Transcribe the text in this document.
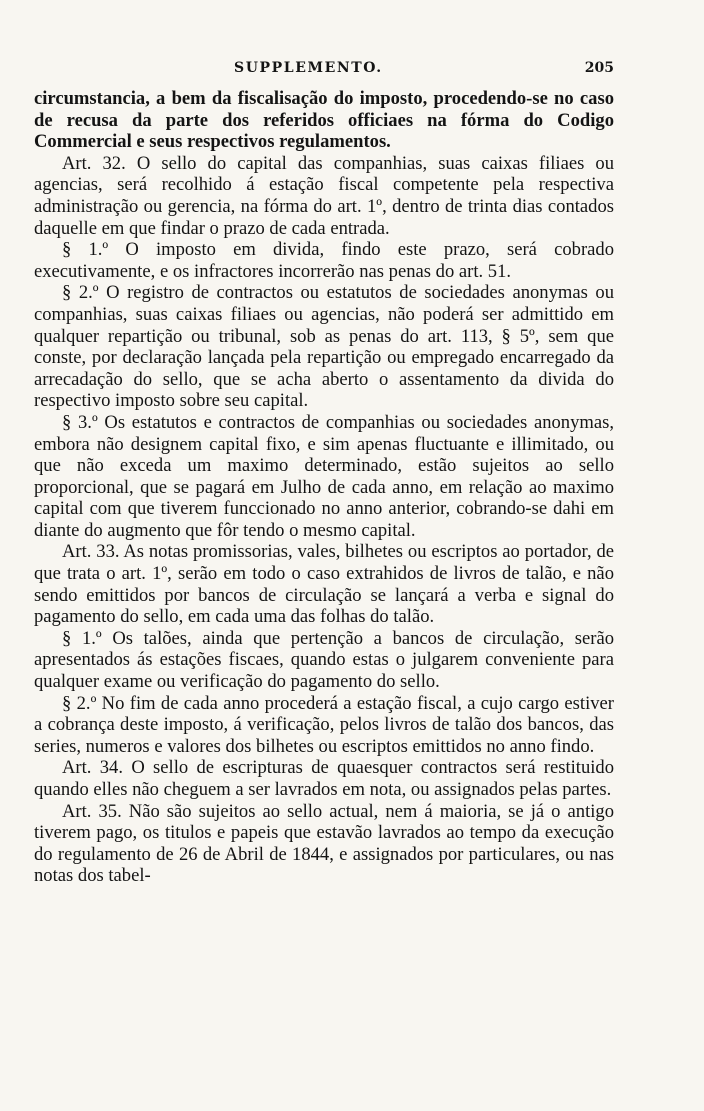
SUPPLEMENTO.	205

circumstancia, a bem da fiscalisação do imposto, procedendo-se no caso de recusa da parte dos referidos officiaes na fórma do Codigo Commercial e seus respectivos regulamentos.

Art. 32. O sello do capital das companhias, suas caixas filiaes ou agencias, será recolhido á estação fiscal competente pela respectiva administração ou gerencia, na fórma do art. 1º, dentro de trinta dias contados daquelle em que findar o prazo de cada entrada.

§ 1.º O imposto em divida, findo este prazo, será cobrado executivamente, e os infractores incorrerão nas penas do art. 51.

§ 2.º O registro de contractos ou estatutos de sociedades anonymas ou companhias, suas caixas filiaes ou agencias, não poderá ser admittido em qualquer repartição ou tribunal, sob as penas do art. 113, § 5º, sem que conste, por declaração lançada pela repartição ou empregado encarregado da arrecadação do sello, que se acha aberto o assentamento da divida do respectivo imposto sobre seu capital.

§ 3.º Os estatutos e contractos de companhias ou sociedades anonymas, embora não designem capital fixo, e sim apenas fluctuante e illimitado, ou que não exceda um maximo determinado, estão sujeitos ao sello proporcional, que se pagará em Julho de cada anno, em relação ao maximo capital com que tiverem funccionado no anno anterior, cobrando-se dahi em diante do augmento que fôr tendo o mesmo capital.

Art. 33. As notas promissorias, vales, bilhetes ou escriptos ao portador, de que trata o art. 1º, serão em todo o caso extrahidos de livros de talão, e não sendo emittidos por bancos de circulação se lançará a verba e signal do pagamento do sello, em cada uma das folhas do talão.

§ 1.º Os talões, ainda que pertenção a bancos de circulação, serão apresentados ás estações fiscaes, quando estas o julgarem conveniente para qualquer exame ou verificação do pagamento do sello.

§ 2.º No fim de cada anno procederá a estação fiscal, a cujo cargo estiver a cobrança deste imposto, á verificação, pelos livros de talão dos bancos, das series, numeros e valores dos bilhetes ou escriptos emittidos no anno findo.

Art. 34. O sello de escripturas de quaesquer contractos será restituido quando elles não cheguem a ser lavrados em nota, ou assignados pelas partes.

Art. 35. Não são sujeitos ao sello actual, nem á maioria, se já o antigo tiverem pago, os titulos e papeis que estavão lavrados ao tempo da execução do regulamento de 26 de Abril de 1844, e assignados por particulares, ou nas notas dos tabel-
